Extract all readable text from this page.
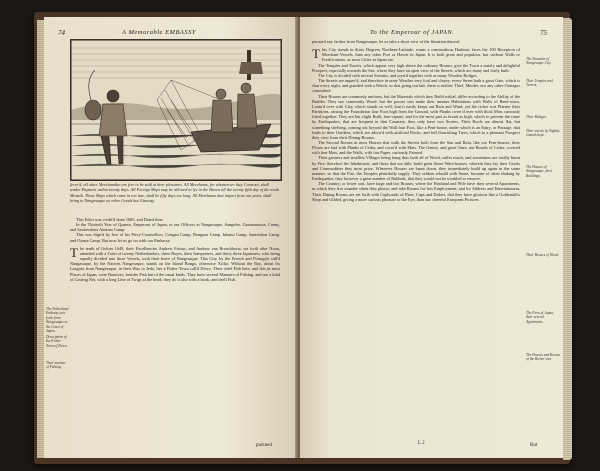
74	A Memorable EMBASSY
ferve'd, all other Merchandize are free to be sold at their pleasures. All Merchants, for whatsoever they Contract, shall tender Payment within twenty days. All Foreign Ships may be allowed to lye in the Haven till the twenty fifth day of the ninth Moneth. Those Ships which come in too late, shall be fifty days too long. All Merchants that import from our ports, shall bring to Nangesaque no other Goods but Ginseng.

This Edict was credit'd done 1685, and Dated thus:

In the Thirtieth Year of Quanto, Emperour of Japan, to our Officers at Nangesaque, Sangoles, Gatanomassa, Canny, and Sackesshara Andono Camp.

This was Sign'd by five of his Privy-Counsellors, Congan Camp, Bongana Camp, Inkano Camp, Santenhon Camp, and Oyana Camp. But now let us go on with our Embassy.

The tenth of Goloer 1649, their Excellencies Andrew Frisius, and Andrew van Brouckhorst, set forth after Noon, attended with a Train of twenty Netherlanders, three Boyes, their Interpreters, and thirty three Japanners, who being equally divided into three Vessels, took their leave of Nangesaque. This City, by the French and Portugals call'd Nangasaque, by the Natives Nangesaque, stands on the Island Bongo, otherwise Xicko. Without the Bay, about fix Leagues from Nangesaque, in their Way to Jedo, lies a Fisher-Town call'd Dewo. Their chief Fish here, and this in most Places of Japan, were Bonitoes, besides Fish but of the usual kinds. They have several Manners of Fishing, and use a kind of Casting Net, with a long Line of Twigs at the head; they do it also with a hook, and shell Fish.

The Netherland Embassy sets forth from Nangesaque to the Court of Japan.
Description of the Fisher-Town of Dewo.
Their manner of Fishing.
pursued
To the Emperour of JAPAN.	75

pursued any farther from Nangesaque, let us take a short view of the Situation thereof.

This City stands in thirty Degrees Northern-Latitude, wants a commodious Harbour, faces the 100 Reception of Merchant-Vessels, than any other Port or Haven in Japan. It is both great and populous, but without Walls or Fortifications, as most Cities in Japan are.

The Temples and Turrets, which appear very high above the ordinary Houses, give the Town a stately and delightful Prospect, especially towards the Sea, where they have an open view of the Streets, which are many and fairly built.

The City is divided with several Streams, and joyn'd together with as many Wooden Bridges.

The Streets are unpav'd, and therefore in rainy Weather very foul and clayey; every Street hath a great Gate, which is shut every night, and guarded with a Watch, so that going out late, there is neither Thief, Murder, nor any other Outrages committed.

Their Houses are commonly uniform, but the Materials which they Build withal, differ according to the Ability of the Builder. They use commonly Wood: but the poorer sort make their meaner Habitations with Walls of Reed-straw, Loam'd over with Clay, which stands so well, that it easily keeps out Rain and Wind; yet the richer sort Plaister their Partitions, raising the Foundation four Foot high from the Ground, with Planks cover'd over with thick Mats curiously fitted together. They are but slight Built, four-square, and for the most part as broad as high, which to prevent the ruine by Earthquakes, that are frequent in that Countrey, they only have two Stories. Their Roofs are almost flat, but something shelving, coming out beyond the Wall four Foot, like a Pent-house, under which is an Entry, or Passage, that leads to their Gardens, which are adorn'd with artificial Rocks, and full flourishing Trees, which to a pleasant Prospect they view from their Dining-Rooms.

The Second Rooms in most Houses that walk the Streets both from the Sun and Rain, like our Pent-houses; their Floors are laid with Planks of Cedar, and cover'd with Mats. The Gentry, and great Ones, use Boards of Cedar, covered with fine Mats, and the Walls, with fair Paper, curiously Painted.

Their greatest and smallest Villages being hung thus built all of Wood, suffer much, and sometimes are totally burnt by Fire; therefore the Inhabitants, and those that are able, build great Stone Ware-houses, wherein they lay their Goods and Commodities they most prize. Wherever Houses are burnt down, they immediately build up again in the same manner; so that the Fire, the Temples plentifully supply. They seldom rebuild with Stone, because of often shaking by Earthquakes, they however a great number of Rubbish, that they would not be troubled to remove.

The Country, or lower sort, have large and fair Houses, where the Husband and Wife have their several Apartments, in which they live asunder when they please; and take Rooms for less Employment, and for Address and Entertainment, Their Dining Rooms are set forth with Cupboards of Plate, Cups and Dishes, that they have glorious like a Goldsmith's Shop and Gilded, giving a more curious pleasure to the Eye, than our cheerful European Pictures.

The Situation of Nangesaque City.
Their Temples and Turrets.
Their Bridges.
Their streets by Nightly Guards kept.
The Houses of Nangesaque, their Buildings.
Their Houses of Wood.
The Fires of Japan, their several Apartments.
The Houses and Rooms of the Richer sort.
L 2	But
